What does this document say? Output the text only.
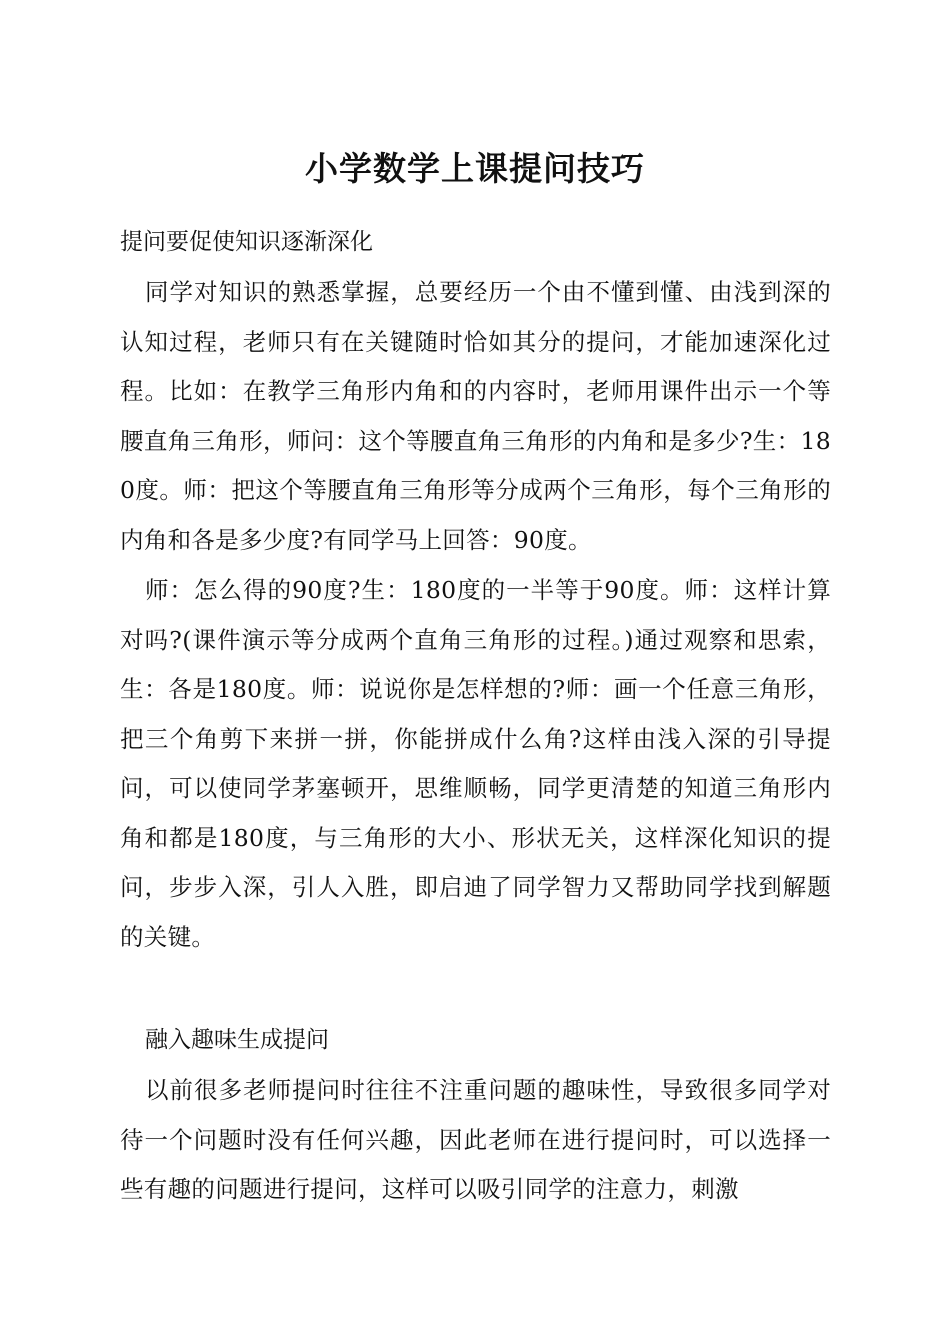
小学数学上课提问技巧

提问要促使知识逐渐深化

同学对知识的熟悉掌握，总要经历一个由不懂到懂、由浅到深的认知过程，老师只有在关键随时恰如其分的提问，才能加速深化过程。比如：在教学三角形内角和的内容时，老师用课件出示一个等腰直角三角形，师问：这个等腰直角三角形的内角和是多少?生：180度。师：把这个等腰直角三角形等分成两个三角形，每个三角形的内角和各是多少度?有同学马上回答：90度。

师：怎么得的90度?生：180度的一半等于90度。师：这样计算对吗?(课件演示等分成两个直角三角形的过程。)通过观察和思索，生：各是180度。师：说说你是怎样想的?师：画一个任意三角形，把三个角剪下来拼一拼，你能拼成什么角?这样由浅入深的引导提问，可以使同学茅塞顿开，思维顺畅，同学更清楚的知道三角形内角和都是180度，与三角形的大小、形状无关，这样深化知识的提问，步步入深，引人入胜，即启迪了同学智力又帮助同学找到解题的关键。

融入趣味生成提问

以前很多老师提问时往往不注重问题的趣味性，导致很多同学对待一个问题时没有任何兴趣，因此老师在进行提问时，可以选择一些有趣的问题进行提问，这样可以吸引同学的注意力，刺激
